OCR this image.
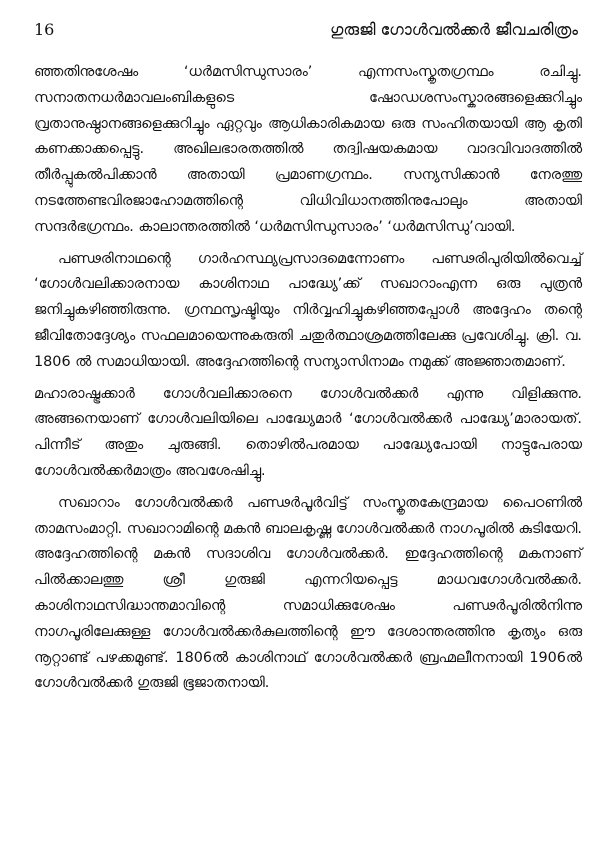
16	ഗുരുജി ഗോൾവൽക്കർ ജീവചരിത്രം

ഞ്ഞതിനുശേഷം ‘ധർമസിന്ധുസാരം’ എന്നസംസ്കൃതഗ്രന്ഥം രചിച്ചു. സനാതനധർമാവലംബികളുടെ ഷോഡശസംസ്കാരങ്ങളെക്കുറിച്ചും വ്രതാനുഷ്ഠാനങ്ങളെക്കുറിച്ചും ഏറ്റവും ആധികാരികമായ ഒരു സംഹിതയായി ആ കൃതി കണക്കാക്കപ്പെട്ടു. അഖിലഭാരതത്തിൽ തദ്വിഷയകമായ വാദവിവാദത്തിൽ തീർപ്പുകൽപിക്കാൻ അതായി പ്രമാണഗ്രന്ഥം. സന്യസിക്കാൻ നേരത്തു നടത്തേണ്ടവിരജാഹോമത്തിന്റെ വിധിവിധാനത്തിനുപോലും അതായി സന്ദർഭഗ്രന്ഥം. കാലാന്തരത്തിൽ ‘ധർമസിന്ധുസാരം’ ‘ധർമസിന്ധു’വായി.

പണ്ഢരിനാഥന്റെ ഗാർഹസ്ഥ്യപ്രസാദമെന്നോണം പണ്ഢരിപുരിയിൽവെച്ച് ‘ഗോൾവലിക്കാരനായ കാശിനാഥ പാദ്ധ്യേ’ക്ക് സഖാറാംഎന്ന ഒരു പുത്രൻ ജനിച്ചുകഴിഞ്ഞിരുന്നു. ഗ്രന്ഥസൃഷ്ടിയും നിർവ്വഹിച്ചുകഴിഞ്ഞപ്പോൾ അദ്ദേഹം തന്റെ ജീവിതോദ്ദേശ്യം സഫലമായെന്നുകരുതി ചതുർത്ഥാശ്രമത്തിലേക്കു പ്രവേശിച്ചു. ക്രി. വ. 1806 ൽ സമാധിയായി. അദ്ദേഹത്തിന്റെ സന്യാസിനാമം നമുക്ക് അജ്ഞാതമാണ്.

മഹാരാഷ്ട്രക്കാർ ഗോൾവലിക്കാരനെ ഗോൾവൽക്കർ എന്നു വിളിക്കുന്നു. അങ്ങനെയാണ് ഗോൾവലിയിലെ പാദ്ധ്യേമാർ ‘ഗോൾവൽക്കർ പാദ്ധ്യേ’മാരായത്. പിന്നീട് അതും ചുരുങ്ങി. തൊഴിൽപരമായ പാദ്ധ്യേപോയി നാട്ടുപേരായ ഗോൾവൽക്കർമാത്രം അവശേഷിച്ചു.

സഖാറാം ഗോൾവൽക്കർ പണ്ഢർപൂർവിട്ട് സംസ്കൃതകേന്ദ്രമായ പൈഠണിൽ താമസംമാറ്റി. സഖാറാമിന്റെ മകൻ ബാലകൃഷ്ണ ഗോൾവൽക്കർ നാഗപൂരിൽ കുടിയേറി. അദ്ദേഹത്തിന്റെ മകൻ സദാശിവ ഗോൾവൽക്കർ. ഇദ്ദേഹത്തിന്റെ മകനാണ് പിൽക്കാലത്തു ശ്രീ ഗുരുജി എന്നറിയപ്പെട്ട മാധവഗോൾവൽക്കർ. കാശിനാഥസിദ്ധാന്തമാവിന്റെ സമാധിക്കുശേഷം പണ്ഢർപൂരിൽനിന്നു നാഗപൂരിലേക്കുള്ള ഗോൾവൽക്കർകുലത്തിന്റെ ഈ ദേശാന്തരത്തിനു കൃത്യം ഒരു നൂറ്റാണ്ട് പഴക്കമുണ്ട്. 1806ൽ കാശിനാഥ് ഗോൾവൽക്കർ ബ്രഹ്മലീനനായി 1906ൽ ഗോൾവൽക്കർ ഗുരുജി ഭൂജാതനായി.
